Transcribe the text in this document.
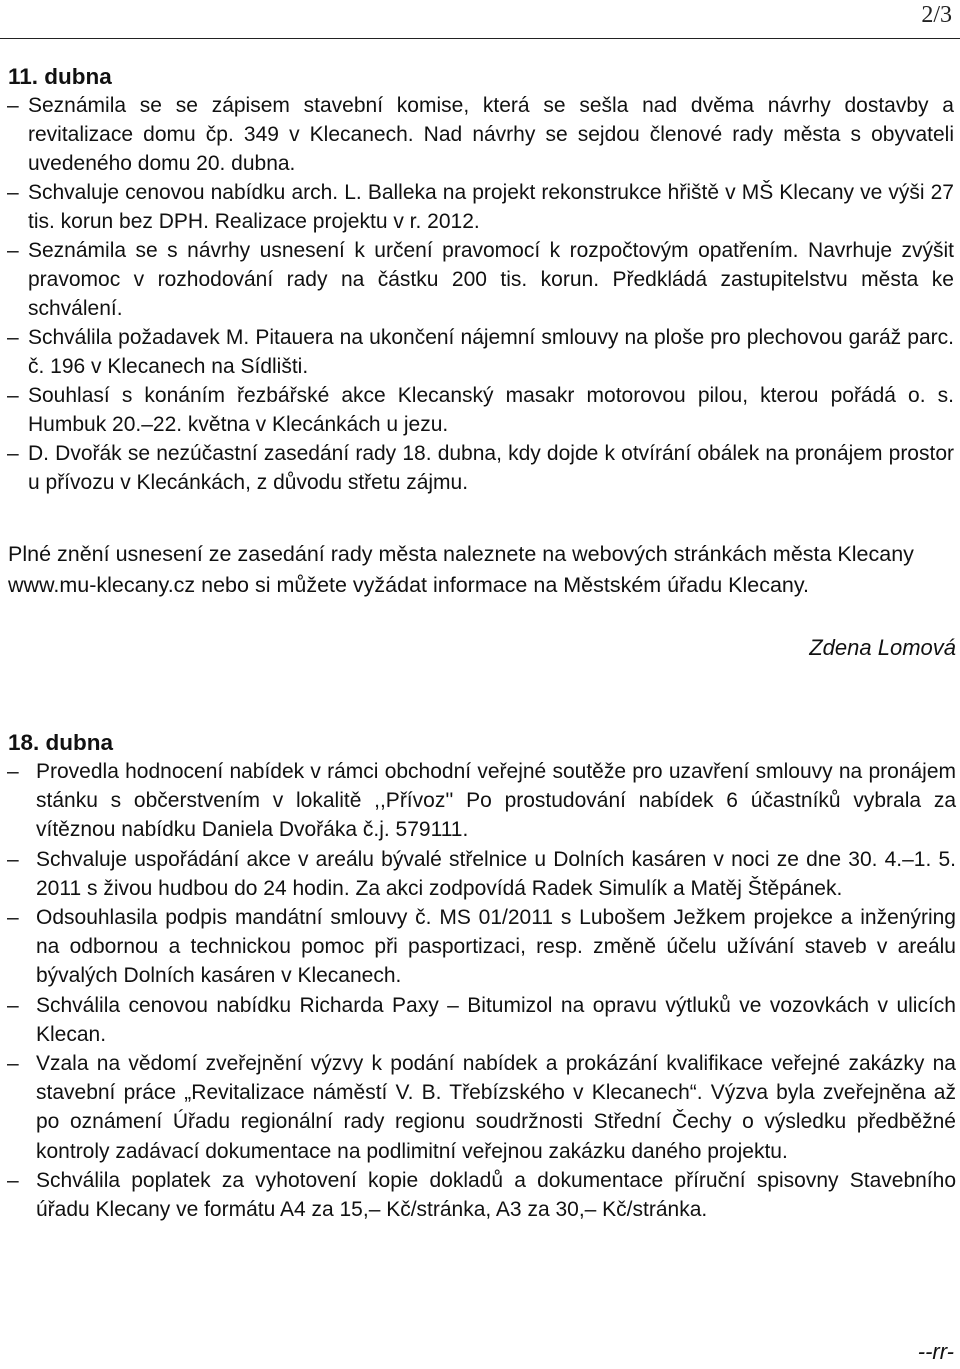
2/3
11. dubna
– Seznámila se se zápisem stavební komise, která se sešla nad dvěma návrhy dostavby a revitalizace domu čp. 349 v Klecanech. Nad návrhy se sejdou členové rady města s obyvateli uvedeného domu 20. dubna.
– Schvaluje cenovou nabídku arch. L. Balleka na projekt rekonstrukce hřiště v MŠ Klecany ve výši 27 tis. korun bez DPH. Realizace projektu v r. 2012.
– Seznámila se s návrhy usnesení k určení pravomocí k rozpočtovým opatřením. Navrhuje zvýšit pravomoc v rozhodování rady na částku 200 tis. korun. Předkládá zastupitelstvu města ke schválení.
– Schválila požadavek M. Pitauera na ukončení nájemní smlouvy na ploše pro plechovou garáž parc. č. 196 v Klecanech na Sídlišti.
– Souhlasí s konáním řezbářské akce Klecanský masakr motorovou pilou, kterou pořádá o. s. Humbuk 20.–22. května v Klecánkách u jezu.
– D. Dvořák se nezúčastní zasedání rady 18. dubna, kdy dojde k otvírání obálek na pronájem prostor u přívozu v Klecánkách, z důvodu střetu zájmu.
Plné znění usnesení ze zasedání rady města naleznete na webových stránkách města Klecany www.mu-klecany.cz nebo si můžete vyžádat informace na Městském úřadu Klecany.
Zdena Lomová
18. dubna
– Provedla hodnocení nabídek v rámci obchodní veřejné soutěže pro uzavření smlouvy na pronájem stánku s občerstvením v lokalitě ,,Přívoz'' Po prostudování nabídek 6 účastníků vybrala za vítěznou nabídku Daniela Dvořáka č.j. 579111.
– Schvaluje uspořádání akce v areálu bývalé střelnice u Dolních kasáren v noci ze dne 30. 4.–1. 5. 2011 s živou hudbou do 24 hodin. Za akci zodpovídá Radek Simulík a Matěj Štěpánek.
– Odsouhlasila podpis mandátní smlouvy č. MS 01/2011 s Lubošem Ježkem projekce a inženýring na odbornou a technickou pomoc při pasportizaci, resp. změně účelu užívání staveb v areálu bývalých Dolních kasáren v Klecanech.
– Schválila cenovou nabídku Richarda Paxy – Bitumizol na opravu výtluků ve vozovkách v ulicích Klecan.
– Vzala na vědomí zveřejnění výzvy k podání nabídek a prokázání kvalifikace veřejné zakázky na stavební práce „Revitalizace náměstí V. B. Třebízského v Klecanech“. Výzva byla zveřejněna až po oznámení Úřadu regionální rady regionu soudržnosti Střední Čechy o výsledku předběžné kontroly zadávací dokumentace na podlimitní veřejnou zakázku daného projektu.
– Schválila poplatek za vyhotovení kopie dokladů a dokumentace příruční spisovny Stavebního úřadu Klecany ve formátu A4 za 15,– Kč/stránka, A3 za 30,– Kč/stránka.
--rr-
